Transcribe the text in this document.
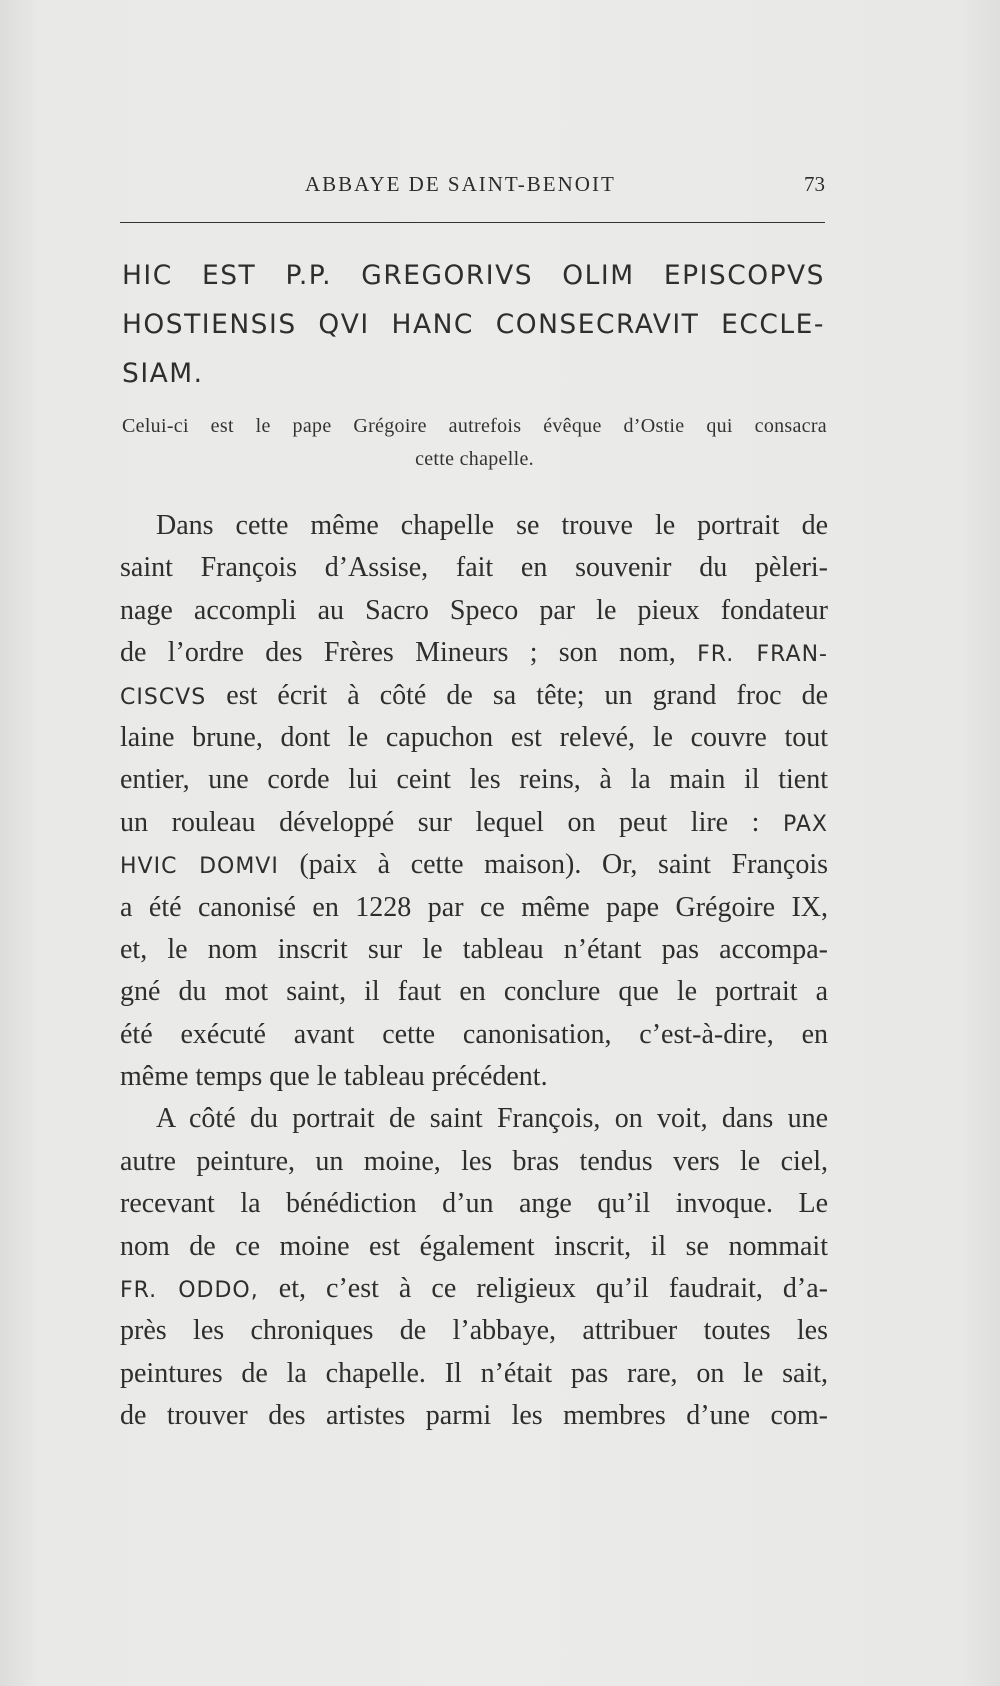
ABBAYE DE SAINT-BENOIT	73
HIC EST P.P. GREGORIVS OLIM EPISCOPVS
HOSTIENSIS QVI HANC CONSECRAVIT ECCLE-
SIAM.
Celui-ci est le pape Grégoire autrefois évêque d’Ostie qui consacra
cette chapelle.
Dans cette même chapelle se trouve le portrait de
saint François d’Assise, fait en souvenir du pèleri-
nage accompli au Sacro Speco par le pieux fondateur
de l’ordre des Frères Mineurs ; son nom, FR. FRAN-
CISCVS est écrit à côté de sa tête; un grand froc de
laine brune, dont le capuchon est relevé, le couvre tout
entier, une corde lui ceint les reins, à la main il tient
un rouleau développé sur lequel on peut lire : PAX
HVIC DOMVI (paix à cette maison). Or, saint François
a été canonisé en 1228 par ce même pape Grégoire IX,
et, le nom inscrit sur le tableau n’étant pas accompa-
gné du mot saint, il faut en conclure que le portrait a
été exécuté avant cette canonisation, c’est-à-dire, en
même temps que le tableau précédent.
A côté du portrait de saint François, on voit, dans une
autre peinture, un moine, les bras tendus vers le ciel,
recevant la bénédiction d’un ange qu’il invoque. Le
nom de ce moine est également inscrit, il se nommait
FR. ODDO, et, c’est à ce religieux qu’il faudrait, d’a-
près les chroniques de l’abbaye, attribuer toutes les
peintures de la chapelle. Il n’était pas rare, on le sait,
de trouver des artistes parmi les membres d’une com-
